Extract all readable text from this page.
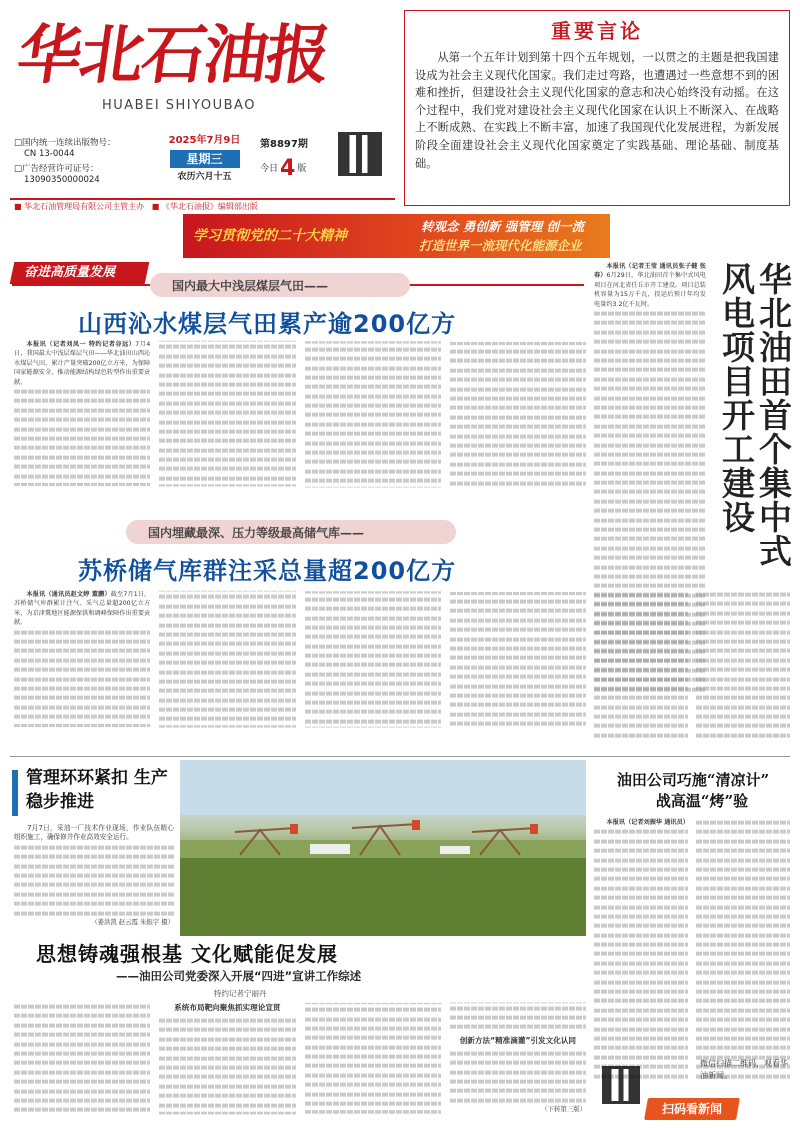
华北石油报
HUABEI SHIYOUBAO
□国内统一连续出版物号：
CN 13-0044
□广告经营许可证号：
13090350000024
2025年7月9日
星期三
农历六月十五
第8897期
今日4 版
■ 华北石油管理局有限公司主管主办 ■ 《华北石油报》编辑部出版
重要言论
从第一个五年计划到第十四个五年规划，一以贯之的主题是把我国建设成为社会主义现代化国家。我们走过弯路，也遭遇过一些意想不到的困难和挫折，但建设社会主义现代化国家的意志和决心始终没有动摇。在这个过程中，我们党对建设社会主义现代化国家在认识上不断深入、在战略上不断成熟、在实践上不断丰富，加速了我国现代化发展进程，为新发展阶段全面建设社会主义现代化国家奠定了实践基础、理论基础、制度基础。
学习贯彻党的二十大精神
转观念 勇创新 强管理 创一流
打造世界一流现代化能源企业
奋进高质量发展
国内最大中浅层煤层气田——
山西沁水煤层气田累产逾200亿方

本报讯（记者刘凤一 特约记者谷远）7月4日，我国最大中浅层煤层气田——华北油田山西沁水煤层气田，累计产量突破200亿立方米，为保障国家能源安全、推动能源结构绿色转型作出重要贡献。

国内埋藏最深、压力等级最高储气库——
苏桥储气库群注采总量超200亿方

本报讯（通讯员赵文婷 董鹏）截至7月1日，苏桥储气库群累计注气、采气总量超200亿立方米，为京津冀地区能源保供和调峰保障作出重要贡献。

本报讯（记者王莹 通讯员张子健 张春）6月29日，华北油田首个集中式风电项目在河北省任丘市开工建设。项目总装机容量为15万千瓦，投运后预计年均发电量约3.2亿千瓦时。	华北油田首个集中式风电项目开工建设
管理环环紧扣 生产稳步推进

7月7日，采油一厂技术作业现场，作业队伍精心组织施工，确保修井作业高效安全运行。

（姜洪凯 赵云霞 朱振宇 摄）
油田公司巧施“清凉计”
战高温“烤”验

本报讯（记者刘振华 通讯员）

思想铸魂强根基 文化赋能促发展
——油田公司党委深入开展“四进”宣讲工作综述
特约记者宁丽丹

系统布局靶向聚焦抓实理论宣贯

创新方法“精准滴灌”引发文化认同

（下转第三版）	扫码看新闻
微信扫描二维码，观看华油新闻。
